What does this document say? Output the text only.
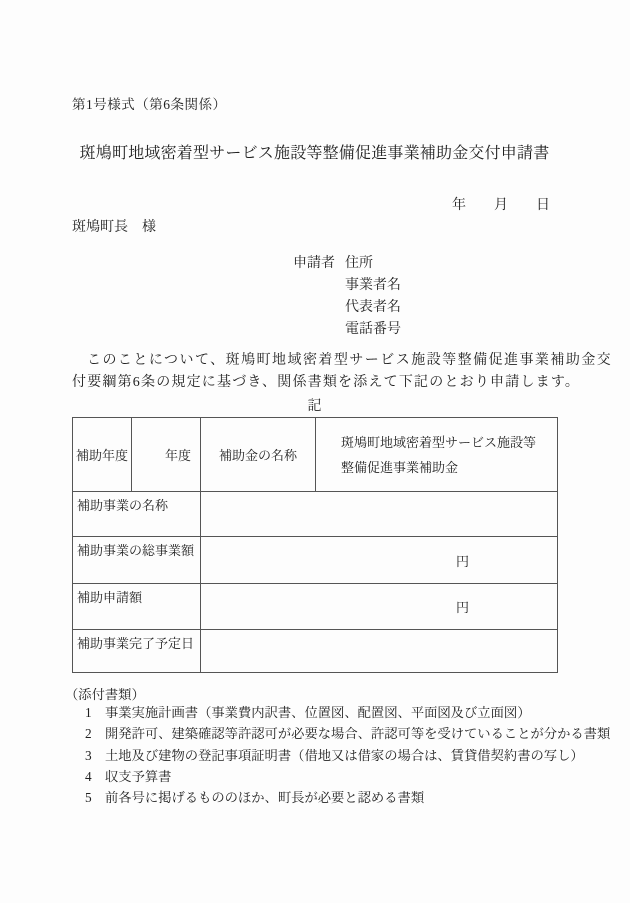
第1号様式（第6条関係）
斑鳩町地域密着型サービス施設等整備促進事業補助金交付申請書
年　　月　　日
斑鳩町長　様
申請者 住所
事業者名
代表者名
電話番号

このことについて、斑鳩町地域密着型サービス施設等整備促進事業補助金交付要綱第6条の規定に基づき、関係書類を添えて下記のとおり申請します。

記
補助年度	年度	補助金の名称	斑鳩町地域密着型サービス施設等
整備促進事業補助金

補助事業の名称			
補助事業の総事業額		円	
補助申請額		円	
補助事業完了予定日			
（添付書類）
1	事業実施計画書（事業費内訳書、位置図、配置図、平面図及び立面図）
2	開発許可、建築確認等許認可が必要な場合、許認可等を受けていることが分かる書類
3	土地及び建物の登記事項証明書（借地又は借家の場合は、賃貸借契約書の写し）
4	収支予算書
5	前各号に掲げるもののほか、町長が必要と認める書類
